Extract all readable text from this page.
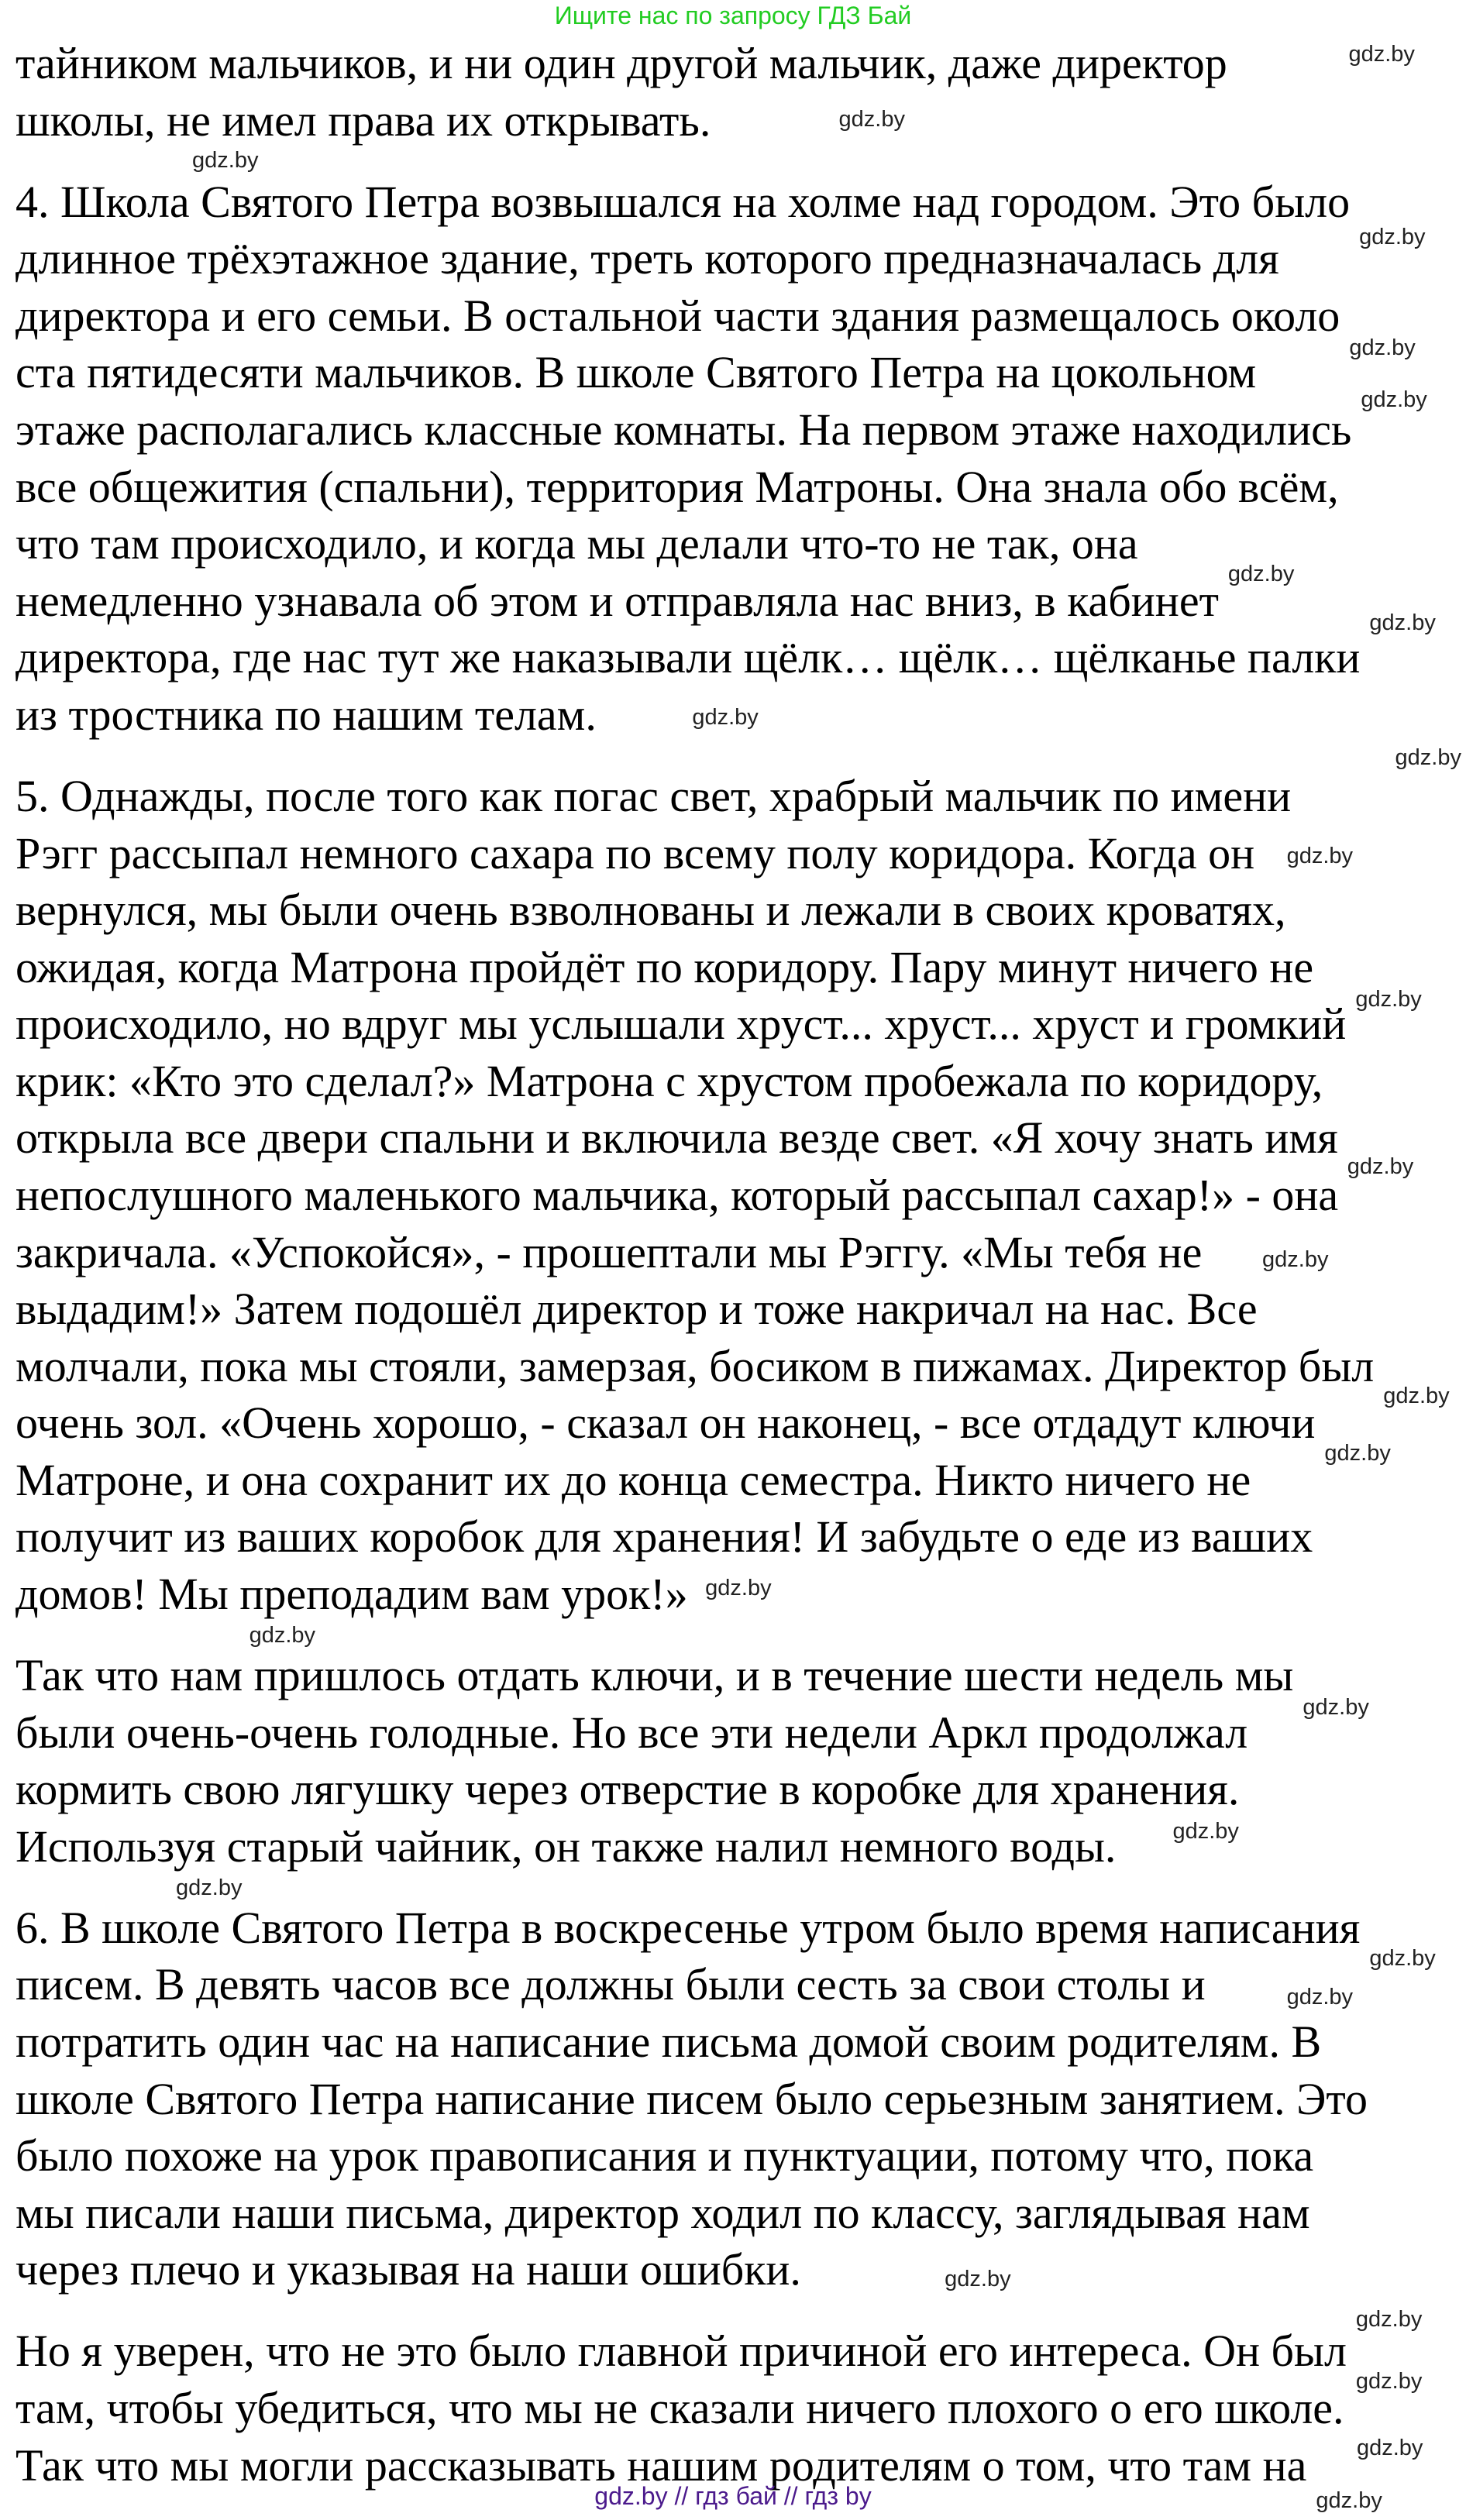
Ищите нас по запросу ГДЗ Бай
тайником мальчиков, и ни один другой мальчик, даже директор
школы, не имел права их открывать.
4. Школа Святого Петра возвышался на холме над городом. Это было
длинное трёхэтажное здание, треть которого предназначалась для
директора и его семьи. В остальной части здания размещалось около
ста пятидесяти мальчиков. В школе Святого Петра на цокольном
этаже располагались классные комнаты. На первом этаже находились
все общежития (спальни), территория Матроны. Она знала обо всём,
что там происходило, и когда мы делали что-то не так, она
немедленно узнавала об этом и отправляла нас вниз, в кабинет
директора, где нас тут же наказывали щёлк… щёлк… щёлканье палки
из тростника по нашим телам.
5. Однажды, после того как погас свет, храбрый мальчик по имени
Рэгг рассыпал немного сахара по всему полу коридора. Когда он
вернулся, мы были очень взволнованы и лежали в своих кроватях,
ожидая, когда Матрона пройдёт по коридору. Пару минут ничего не
происходило, но вдруг мы услышали хруст... хруст... хруст и громкий
крик: «Кто это сделал?» Матрона с хрустом пробежала по коридору,
открыла все двери спальни и включила везде свет. «Я хочу знать имя
непослушного маленького мальчика, который рассыпал сахар!» - она
закричала. «Успокойся», - прошептали мы Рэггу. «Мы тебя не
выдадим!» Затем подошёл директор и тоже накричал на нас. Все
молчали, пока мы стояли, замерзая, босиком в пижамах. Директор был
очень зол. «Очень хорошо, - сказал он наконец, - все отдадут ключи
Матроне, и она сохранит их до конца семестра. Никто ничего не
получит из ваших коробок для хранения! И забудьте о еде из ваших
домов! Мы преподадим вам урок!»
Так что нам пришлось отдать ключи, и в течение шести недель мы
были очень-очень голодные. Но все эти недели Аркл продолжал
кормить свою лягушку через отверстие в коробке для хранения.
Используя старый чайник, он также налил немного воды.
6. В школе Святого Петра в воскресенье утром было время написания
писем. В девять часов все должны были сесть за свои столы и
потратить один час на написание письма домой своим родителям. В
школе Святого Петра написание писем было серьезным занятием. Это
было похоже на урок правописания и пунктуации, потому что, пока
мы писали наши письма, директор ходил по классу, заглядывая нам
через плечо и указывая на наши ошибки.
Но я уверен, что не это было главной причиной его интереса. Он был
там, чтобы убедиться, что мы не сказали ничего плохого о его школе.
Так что мы могли рассказывать нашим родителям о том, что там на
gdz.by
gdz.by
gdz.by
gdz.by
gdz.by
gdz.by
gdz.by
gdz.by
gdz.by
gdz.by
gdz.by
gdz.by
gdz.by
gdz.by
gdz.by
gdz.by
gdz.by
gdz.by
gdz.by
gdz.by
gdz.by
gdz.by
gdz.by
gdz.by
gdz.by
gdz.by
gdz.by
gdz.by
gdz.by // гдз бай // гдз by
